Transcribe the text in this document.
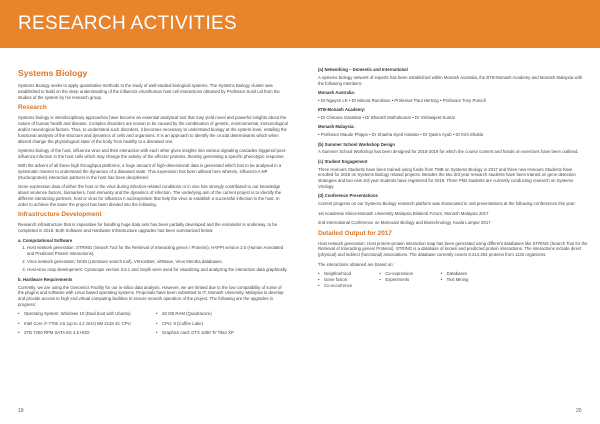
RESEARCH ACTIVITIES
Systems Biology

Systems Biology seeks to apply quantitative methods to the study of well-studied biological systems. The Systems Biology cluster was established to build on the deep understanding of the influenza virus/human host cell interactions obtained by Professor Sunil Lal from the studies of the system by his research group.

Research

Systems biology is interdisciplinary approaches have become an essential analytical tool that may yield novel and powerful insights about the nature of human health and disease. Complex disorders are known to be caused by the combination of genetic, environmental, immunological and/or neurological factors. Thus, to understand such disorders, it becomes necessary to understand biology at the system level, entailing the functional analysis of the structure and dynamics of cells and organisms. It is an approach to identify the crucial determinants which when altered change the physiological state of the body from healthy to a diseased one.

Systems biology of the host, influenza virus and their interaction with each other gives insights into various signaling cascades triggered post-influenza infection in the host cells which may change the activity of the effector proteins, thereby generating a specific phenotypic response.

With the advent of all these high throughput platforms, a huge amount of high-dimensional data is generated which has to be analysed in a systematic manner to understand the dynamics of a diseased state. This expression has been utilised here wherein, influenza A NP (Nucleoprotein) interaction partners in the host has been deciphered.

Gene expression data of either the host or the virus during infection-related conditions or in vivo has strongly contributed to our knowledge about virulence factors, biomarkers, host immunity and the dynamics of infection. The underlying aim of the current project is to identify the different interacting partners, host or virus for influenza A nucleoprotein that help the virus to establish a successful infection in the host. In order to achieve the same the project has been divided into the following.

Infrastructure Development

Research infrastructure that is imperative for handling huge data sets has been partially developed and the remainder is underway, to be completed in 2018. Both Software and Hardware Infrastructure upgrades has been summarized below:

a. Computational Software
1. Host network generation: STRING (Search Tool for the Retrieval of Interacting genes / Proteins), HAPPI version 2.0 (Human Annotated and Predicted Protein Interactions).
2. Virus network generation: NCBI (Literature search tool), VirHostNet, viRBase, Virus Mentha databases.
3. Host-virus map development: Cytoscape version 3.5.1 and Gephi were used for visualizing and analyzing the interaction data graphically.
b. Hardware Requirements

Currently, we are using the Genomics Facility for our in-silico data analysis. However, we are limited due to the low compatibility of some of the plugins and software with Linux based operating systems. Proposals have been submitted to IT, Monash University, Malaysia to develop and provide access to high end virtual computing facilities to ensure smooth operation of the project. The following are the upgrades in progress:

• Operating System: Windows 10 (Dual boot with Ubuntu)	• 28 GB RAM (Quadracore)
• Intel Core i7-7700 3.6 (up to 4.2 GHz) 8M 2133 4C CPU	• CPU: 8 (Coffee Lake)
• 2TB 7200 RPM SATA 6G 3.5 HDD	• Graphics card: GTX 1080 Ti/ Titan XP
(a) Networking – Domestic and International

A systems biology network of experts has been established within Monash Australia, the BTB-Monash Academy and Monash Malaysia with the following members:

Monash Australia:

• Dr Nguyen LK • Dr Minura Rumilison • Professor Paul Hertzog • Professor Tony Purcell

IITB-Monash Academy:

• Dr Chetana Gasmkar • Dr Bharath Muthukumar • Dr Vishwajeet Kumar

Monash Malaysia:

• Professor Maude Phipps • Dr Shaeha Syed Hassan • Dr Qasim Ayub • Dr Kirti Shukla

(b) Summer School Workshop Design

A Summer School Workshop has been designed for 2018-2019 for which the course content and hands on exercises have been outlined.

(c) Student Engagement

Three Honours Students have been trained using funds from TMB on Systems Biology in 2017 and three new Honours Students have enrolled for 2018 on Systems Biology related projects. Besides the two 3rd year research students have been trained on gene detection strategies and two new 3rd year students have registered for 2018. Three PhD students are currently conducting research on Systems Virology.

(d) Conference Presentations

Current progress on our Systems Biology research platform was showcased in oral presentations at the following conferences this year:

1st Academia Sinica-Monash University Malaysia Bilateral Forum, Monash Malaysia 2017

2nd International Conference on Molecular Biology and Biotechnology, Kuala Lumpur 2017

Detailed Output for 2017

Host network generation: Host protein-protein interaction map has been generated using different databases like STRING (Search Tool for the Retrieval of Interacting genes/ Proteins). STRING is a database of known and predicted protein interactions. The interactions include direct (physical) and indirect (functional) associations. The database currently covers 9,214,264 proteins from 1133 organisms.

The interactions obtained are based on:

• Neighborhood	• Co-expression	• Databases
• Gene fusion	• Experiments	• Text Mining
• Co-occurrence
19	20
